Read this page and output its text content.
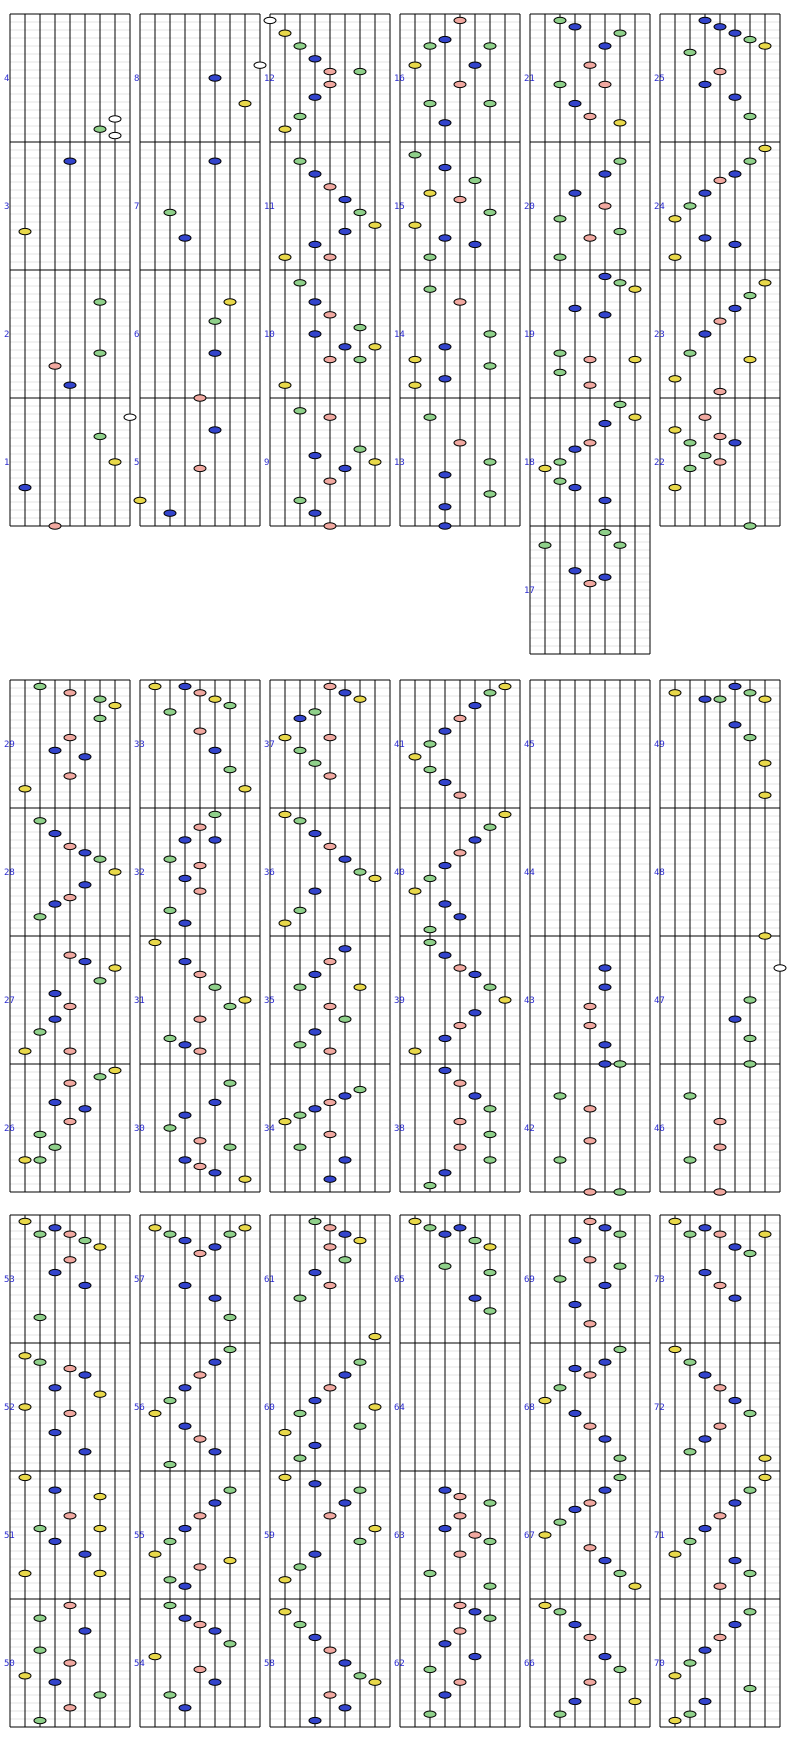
4
3
2
1
8
7
6
5
12
11
10
9
16
15
14
13
21
20
19
18
17
25
24
23
22
29
28
27
26
33
32
31
30
37
36
35
34
41
40
39
38
45
44
43
42
49
48
47
46
53
52
51
50
57
56
55
54
61
60
59
58
65
64
63
62
69
68
67
66
73
72
71
70
